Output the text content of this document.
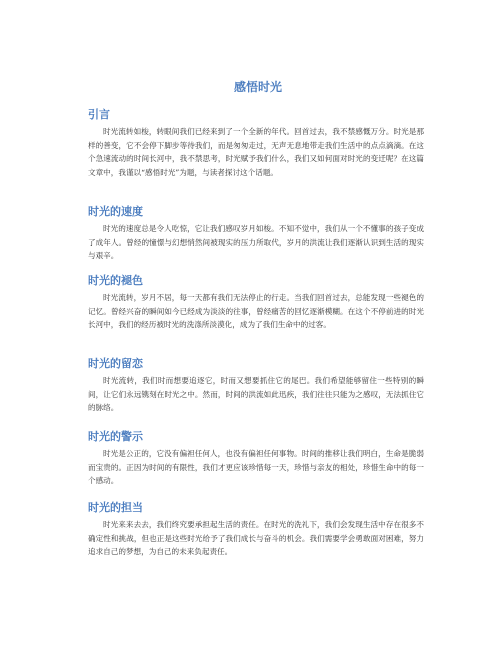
感悟时光
引言

时光流转如梭，转眼间我们已经来到了一个全新的年代。回首过去，我不禁感慨万分。时光是那样的善变，它不会停下脚步等待我们，而是匆匆走过，无声无息地带走我们生活中的点点滴滴。在这个急速流动的时间长河中，我不禁思考，时光赋予我们什么，我们又如何面对时光的变迁呢？在这篇文章中，我谨以“感悟时光”为题，与读者探讨这个话题。

时光的速度

时光的速度总是令人吃惊，它让我们感叹岁月如梭。不知不觉中，我们从一个不懂事的孩子变成了成年人。曾经的憧憬与幻想悄然间被现实的压力所取代，岁月的洪流让我们逐渐认识到生活的现实与艰辛。

时光的褪色

时光流转，岁月不居，每一天都有我们无法停止的行走。当我们回首过去，总能发现一些褪色的记忆。曾经兴奋的瞬间如今已经成为淡淡的往事，曾经痛苦的回忆逐渐模糊。在这个不停前进的时光长河中，我们的经历被时光的洗涤所淡漠化，成为了我们生命中的过客。

时光的留恋

时光流转，我们时而想要追逐它，时而又想要抓住它的尾巴。我们希望能够留住一些特别的瞬间，让它们永远镌刻在时光之中。然而，时间的洪流如此迅疾，我们往往只能为之感叹，无法抓住它的脉络。

时光的警示

时光是公正的，它没有偏袒任何人，也没有偏袒任何事物。时间的推移让我们明白，生命是脆弱而宝贵的。正因为时间的有限性，我们才更应该珍惜每一天，珍惜与亲友的相处，珍惜生命中的每一个感动。

时光的担当

时光来来去去，我们终究要承担起生活的责任。在时光的洗礼下，我们会发现生活中存在很多不确定性和挑战，但也正是这些时光给予了我们成长与奋斗的机会。我们需要学会勇敢面对困难，努力追求自己的梦想，为自己的未来负起责任。
